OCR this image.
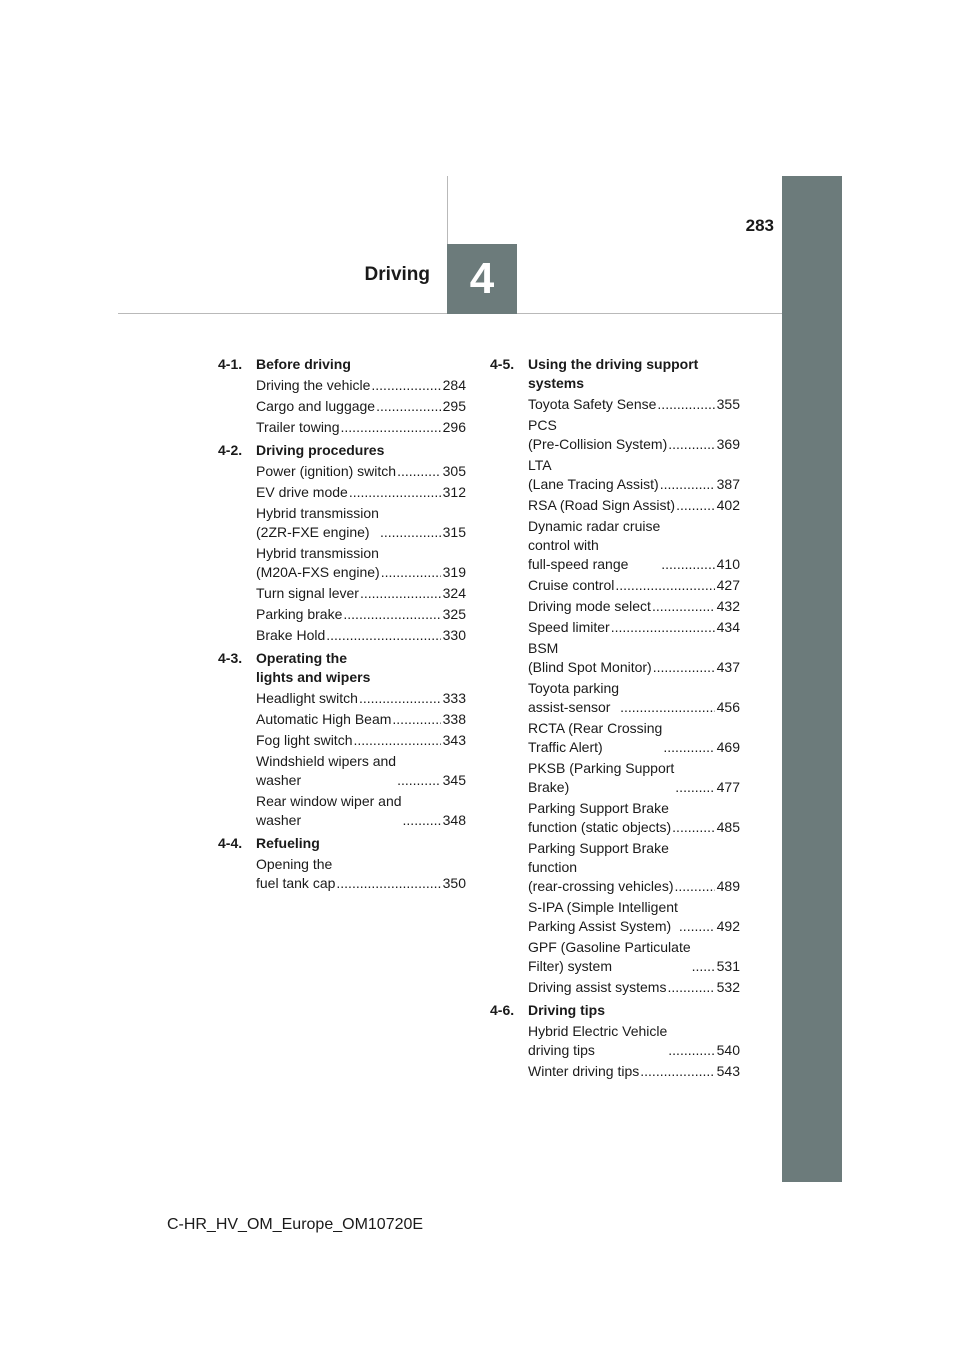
283
Driving 4
4-1. Before driving
Driving the vehicle .....	284
Cargo and luggage .....	295
Trailer towing .....	296
4-2. Driving procedures
Power (ignition) switch .....	305
EV drive mode .....	312
Hybrid transmission
(2ZR-FXE engine) .....	315
Hybrid transmission
(M20A-FXS engine) .....	319
Turn signal lever .....	324
Parking brake .....	325
Brake Hold .....	330
4-3. Operating the
lights and wipers
Headlight switch .....	333
Automatic High Beam .....	338
Fog light switch .....	343
Windshield wipers and
washer .....	345
Rear window wiper and
washer .....	348
4-4. Refueling
Opening the
fuel tank cap .....	350
4-5. Using the driving support
systems
Toyota Safety Sense .....	355
PCS
(Pre-Collision System) .....	369
LTA
(Lane Tracing Assist) .....	387
RSA (Road Sign Assist) .....	402
Dynamic radar cruise
control with
full-speed range .....	410
Cruise control .....	427
Driving mode select .....	432
Speed limiter .....	434
BSM
(Blind Spot Monitor) .....	437
Toyota parking
assist-sensor .....	456
RCTA (Rear Crossing
Traffic Alert) .....	469
PKSB (Parking Support
Brake) .....	477
Parking Support Brake
function (static objects) .....	485
Parking Support Brake
function
(rear-crossing vehicles) .....	489
S-IPA (Simple Intelligent
Parking Assist System) .....	492
GPF (Gasoline Particulate
Filter) system .....	531
Driving assist systems .....	532
4-6. Driving tips
Hybrid Electric Vehicle
driving tips .....	540
Winter driving tips .....	543
C-HR_HV_OM_Europe_OM10720E
